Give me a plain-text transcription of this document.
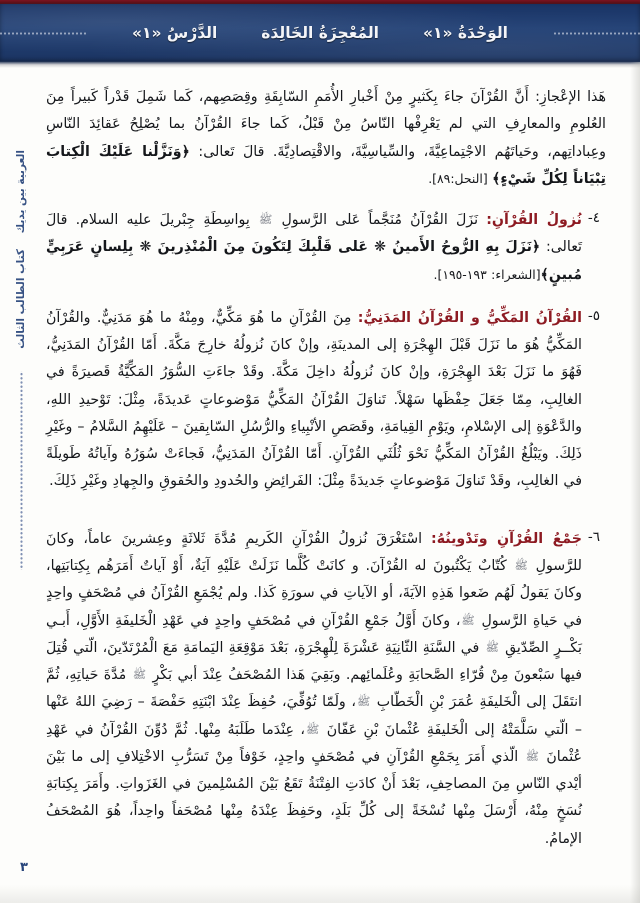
الوَحْدَةُ «١»
المُعْجِزَةُ الخَالِدَة
الدَّرْسُ «١»
العربية بين يديك
كتاب الطالب الثالث

هَذا الإعْجازِ: أَنَّ القُرْآنَ جاءَ بِكَثيرٍ مِنْ أَخْبارِ الأُمَمِ السّابِقَةِ وقِصَصِهم، كَما شَمِلَ قَدْراً كَبيراً مِنَ العُلومِ والمعارِفِ التي لم يَعْرِفْها النّاسُ مِنْ قَبْلُ، كَما جاءَ القُرْآنُ بما يُصْلِحُ عَقائِدَ النّاسِ وعِباداتِهم، وحَياتَهُم الاجْتِماعِيَّةَ، والسِّياسِيَّةَ، والاقْتِصادِيَّةَ. قالَ تَعالى: ﴿وَنَزَّلْنا عَلَيْكَ الْكِتابَ تِبْيَاناً لِكُلِّ شَيْءٍ﴾ [النحل:٨٩].

٤-
نُزولُ القُرْآنِ: نَزَلَ القُرْآنُ مُنَجَّماً عَلى الرَّسولِ ﷺ بِواسِطَةِ جِبْريلَ عليه السلام. قالَ تَعالى: ﴿نَزَلَ بِهِ الرُّوحُ الأَمينُ ❋ عَلى قَلْبِكَ لِتَكُونَ مِنَ الْمُنْذِرينَ ❋ بِلِسانٍ عَرَبِيٍّ مُبينٍ﴾[الشعراء: ١٩٣-١٩٥].
٥-
القُرْآنُ المَكِّيُّ و القُرْآنُ المَدَنِيُّ: مِنَ القُرْآنِ ما هُوَ مَكِّيٌّ، ومِنْهُ ما هُوَ مَدَنِيٌّ. والقُرْآنُ المَكِّيُّ هُوَ ما نَزَلَ قَبْلَ الهِجْرَةِ إلى المدينَةِ، وإنْ كانَ نُزولُهُ خارِجَ مَكَّةَ. أَمّا القُرْآنُ المَدَنِيُّ، فَهُوَ ما نَزَلَ بَعْدَ الهِجْرَةِ، وإنْ كانَ نُزولُهُ داخِلَ مَكَّةَ. وقَدْ جاءَتِ السُّوَرُ المَكِّيَّةُ قَصيرَةً في الغالِبِ، مِمّا جَعَلَ حِفْظَها سَهْلاً. تَناوَلَ القُرْآنُ المَكِّيُّ مَوْضوعاتٍ عَديدَةً، مِثْلَ: تَوْحيدِ اللهِ، والدَّعْوَةِ إلى الإسْلامِ، ويَوْمِ القِيامَةِ، وقَصَصِ الأنْبِياءِ والرُّسُلِ السّابِقينَ – عَلَيْهِمُ السَّلامُ – وغَيْرِ ذَلِكَ. ويَبْلُغُ القُرْآنُ المَكِّيُّ نَحْوَ ثُلُثَي القُرْآنِ. أَمّا القُرْآنُ المَدَنِيُّ، فَجاءَتْ سُوَرُهُ وآياتُهُ طَويلَةً في الغالِبِ، وقَدْ تَناوَلَ مَوْضوعاتٍ جَديدَةً مِثْلَ: الفَرائِضِ والحُدودِ والحُقوقِ والجِهادِ وغَيْرِ ذَلِكَ.
٦-
جَمْعُ القُرْآنِ وتَدْوينُهُ: اسْتَغْرَقَ نُزولُ القُرْآنِ الكَريمِ مُدَّةَ ثَلاثَةٍ وعِشرينَ عاماً، وكانَ للرَّسولِ ﷺ كُتّابٌ يَكْتُبونَ له القُرْآنَ. و كانَتْ كُلَّما نَزَلَتْ عَلَيْهِ آيَةٌ، أَوْ آياتٌ أَمَرَهُم بِكِتابَتِها، وكانَ يَقولُ لَهُم ضَعوا هَذِهِ الآيَةَ، أو الآياتِ في سورَةِ كَذا. ولم يُجْمَعِ القُرْآنُ في مُصْحَفٍ واحِدٍ في حَياةِ الرَّسولِ ﷺ، وكانَ أَوَّلُ جَمْعِ القُرْآنِ في مُصْحَفٍ واحِدٍ في عَهْدِ الْخَليفَةِ الأَوَّلِ، أَبـي بَكْــرٍ الصِّدّيقِ ﷺ في السَّنَةِ الثّانِيَةِ عَشْرَةَ لِلْهِجْرَةِ، بَعْدَ مَوْقِعَةِ اليَمامَةِ مَعَ الْمُرْتَدّينَ، الّتي قُتِلَ فيها سَبْعونَ مِنْ قُرّاءِ الصَّحابَةِ وعُلَمائِهم. وبَقِيَ هَذا المُصْحَفُ عِنْدَ أبي بَكْرٍ ﷺ مُدَّةَ حَياتِهِ، ثُمَّ انتَقَلَ إلى الْخَليفَةِ عُمَرَ بْنِ الْخَطّابِ ﷺ، ولَمّا تُوُفِّيَ، حُفِظَ عِنْدَ ابْنَتِهِ حَفْصَةَ – رَضِيَ اللهُ عَنْها – الّتي سَلَّمَتْهُ إلى الْخَليفَةِ عُثْمانَ بْنِ عَفّانَ ﷺ، عِنْدَما طَلَبَهُ مِنْها. ثُمَّ دُوِّنَ القُرْآنُ في عَهْدِ عُثْمانَ ﷺ الّذي أَمَرَ بِجَمْعِ القُرْآنِ في مُصْحَفٍ واحِدٍ، خَوْفاً مِنْ تَسَرُّبِ الاخْتِلافِ إلى ما بَيْنَ أيْدي النّاسِ مِنَ المصاحِفِ، بَعْدَ أَنْ كادَتِ الفِتْنَةُ تَقَعُ بَيْنَ المُسْلِمينَ في الغَزَواتِ. وأَمَرَ بِكِتابَةِ نُسَخٍ مِنْهُ، أَرْسَلَ مِنْها نُسْخَةً إلى كُلِّ بَلَدٍ، وحَفِظَ عِنْدَهُ مِنْها مُصْحَفاً واحِداً، هُوَ المُصْحَفُ الإمامُ.
٣
